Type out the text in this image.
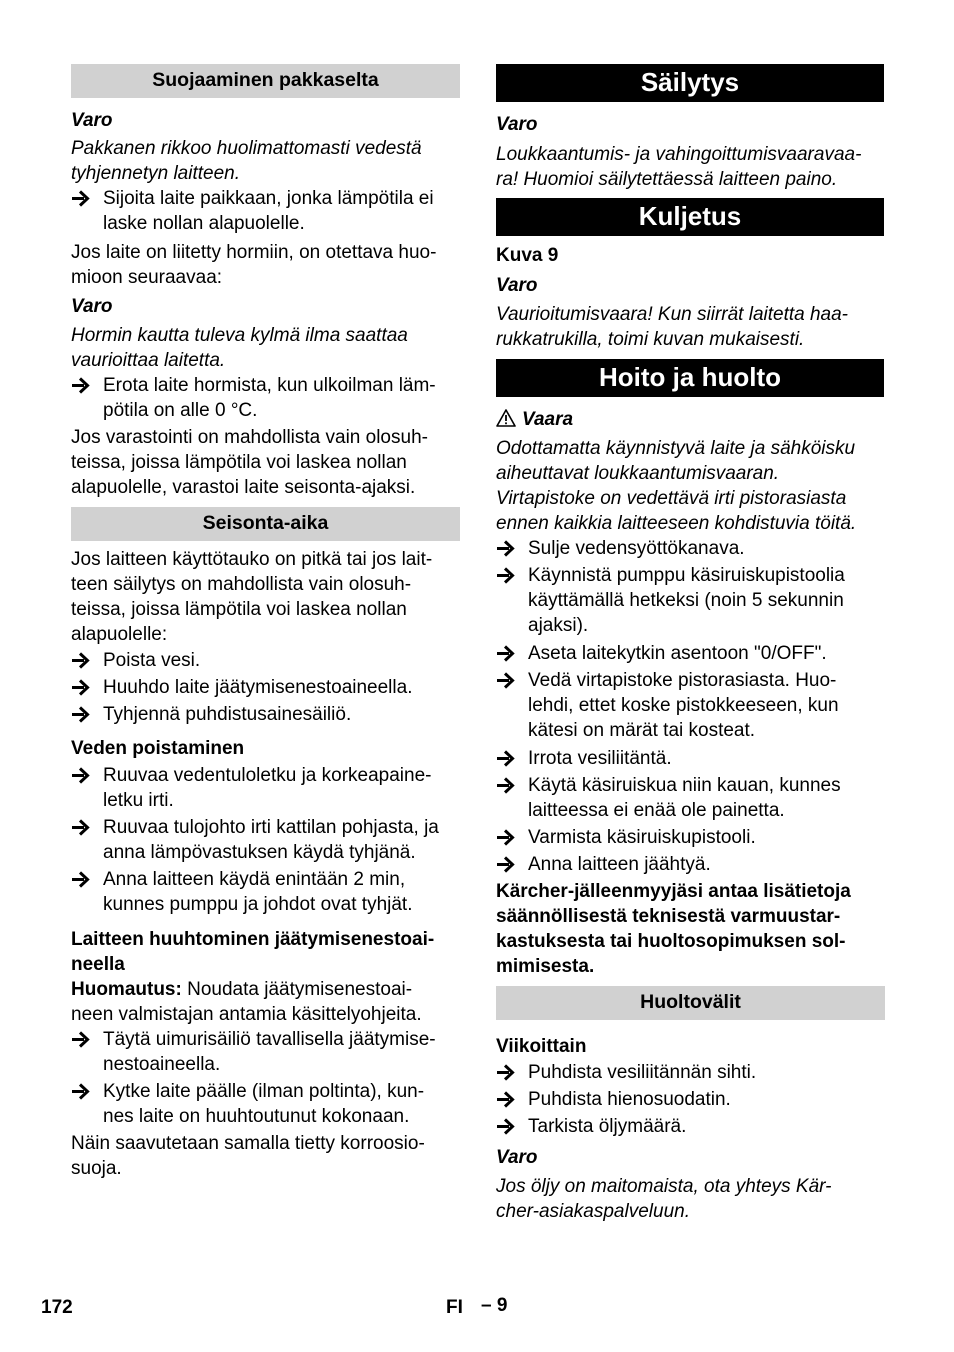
Suojaaminen pakkaselta
Varo
Pakkanen rikkoo huolimattomasti vedestä
tyhjennetyn laitteen.
Sijoita laite paikkaan, jonka lämpötila ei
laske nollan alapuolelle.
Jos laite on liitetty hormiin, on otettava huo-
mioon seuraavaa:
Varo
Hormin kautta tuleva kylmä ilma saattaa
vaurioittaa laitetta.
Erota laite hormista, kun ulkoilman läm-
pötila on alle 0 °C.
Jos varastointi on mahdollista vain olosuh-
teissa, joissa lämpötila voi laskea nollan
alapuolelle, varastoi laite seisonta-ajaksi.
Seisonta-aika
Jos laitteen käyttötauko on pitkä tai jos lait-
teen säilytys on mahdollista vain olosuh-
teissa, joissa lämpötila voi laskea nollan
alapuolelle:
Poista vesi.
Huuhdo laite jäätymisenestoaineella.
Tyhjennä puhdistusainesäiliö.
Veden poistaminen
Ruuvaa vedentuloletku ja korkeapaine-
letku irti.
Ruuvaa tulojohto irti kattilan pohjasta, ja
anna lämpövastuksen käydä tyhjänä.
Anna laitteen käydä enintään 2 min,
kunnes pumppu ja johdot ovat tyhjät.
Laitteen huuhtominen jäätymisenestoai-
neella
Huomautus: Noudata jäätymisenestoai-
neen valmistajan antamia käsittelyohjeita.
Täytä uimurisäiliö tavallisella jäätymise-
nestoaineella.
Kytke laite päälle (ilman poltinta), kun-
nes laite on huuhtoutunut kokonaan.
Näin saavutetaan samalla tietty korroosio-
suoja.
Säilytys
Varo
Loukkaantumis- ja vahingoittumisvaaravaa-
ra! Huomioi säilytettäessä laitteen paino.
Kuljetus
Kuva 9
Varo
Vaurioitumisvaara! Kun siirrät laitetta haa-
rukkatrukilla, toimi kuvan mukaisesti.
Hoito ja huolto
Vaara
Odottamatta käynnistyvä laite ja sähköisku
aiheuttavat loukkaantumisvaaran.
Virtapistoke on vedettävä irti pistorasiasta
ennen kaikkia laitteeseen kohdistuvia töitä.
Sulje vedensyöttökanava.
Käynnistä pumppu käsiruiskupistoolia
käyttämällä hetkeksi (noin 5 sekunnin
ajaksi).
Aseta laitekytkin asentoon "0/OFF".
Vedä virtapistoke pistorasiasta. Huo-
lehdi, ettet koske pistokkeeseen, kun
kätesi on märät tai kosteat.
Irrota vesiliitäntä.
Käytä käsiruiskua niin kauan, kunnes
laitteessa ei enää ole painetta.
Varmista käsiruiskupistooli.
Anna laitteen jäähtyä.
Kärcher-jälleenmyyjäsi antaa lisätietoja
säännöllisestä teknisestä varmuustar-
kastuksesta tai huoltosopimuksen sol-
mimisesta.
Huoltovälit
Viikoittain
Puhdista vesiliitännän sihti.
Puhdista hienosuodatin.
Tarkista öljymäärä.
Varo
Jos öljy on maitomaista, ota yhteys Kär-
cher-asiakaspalveluun.
172	FI – 9
